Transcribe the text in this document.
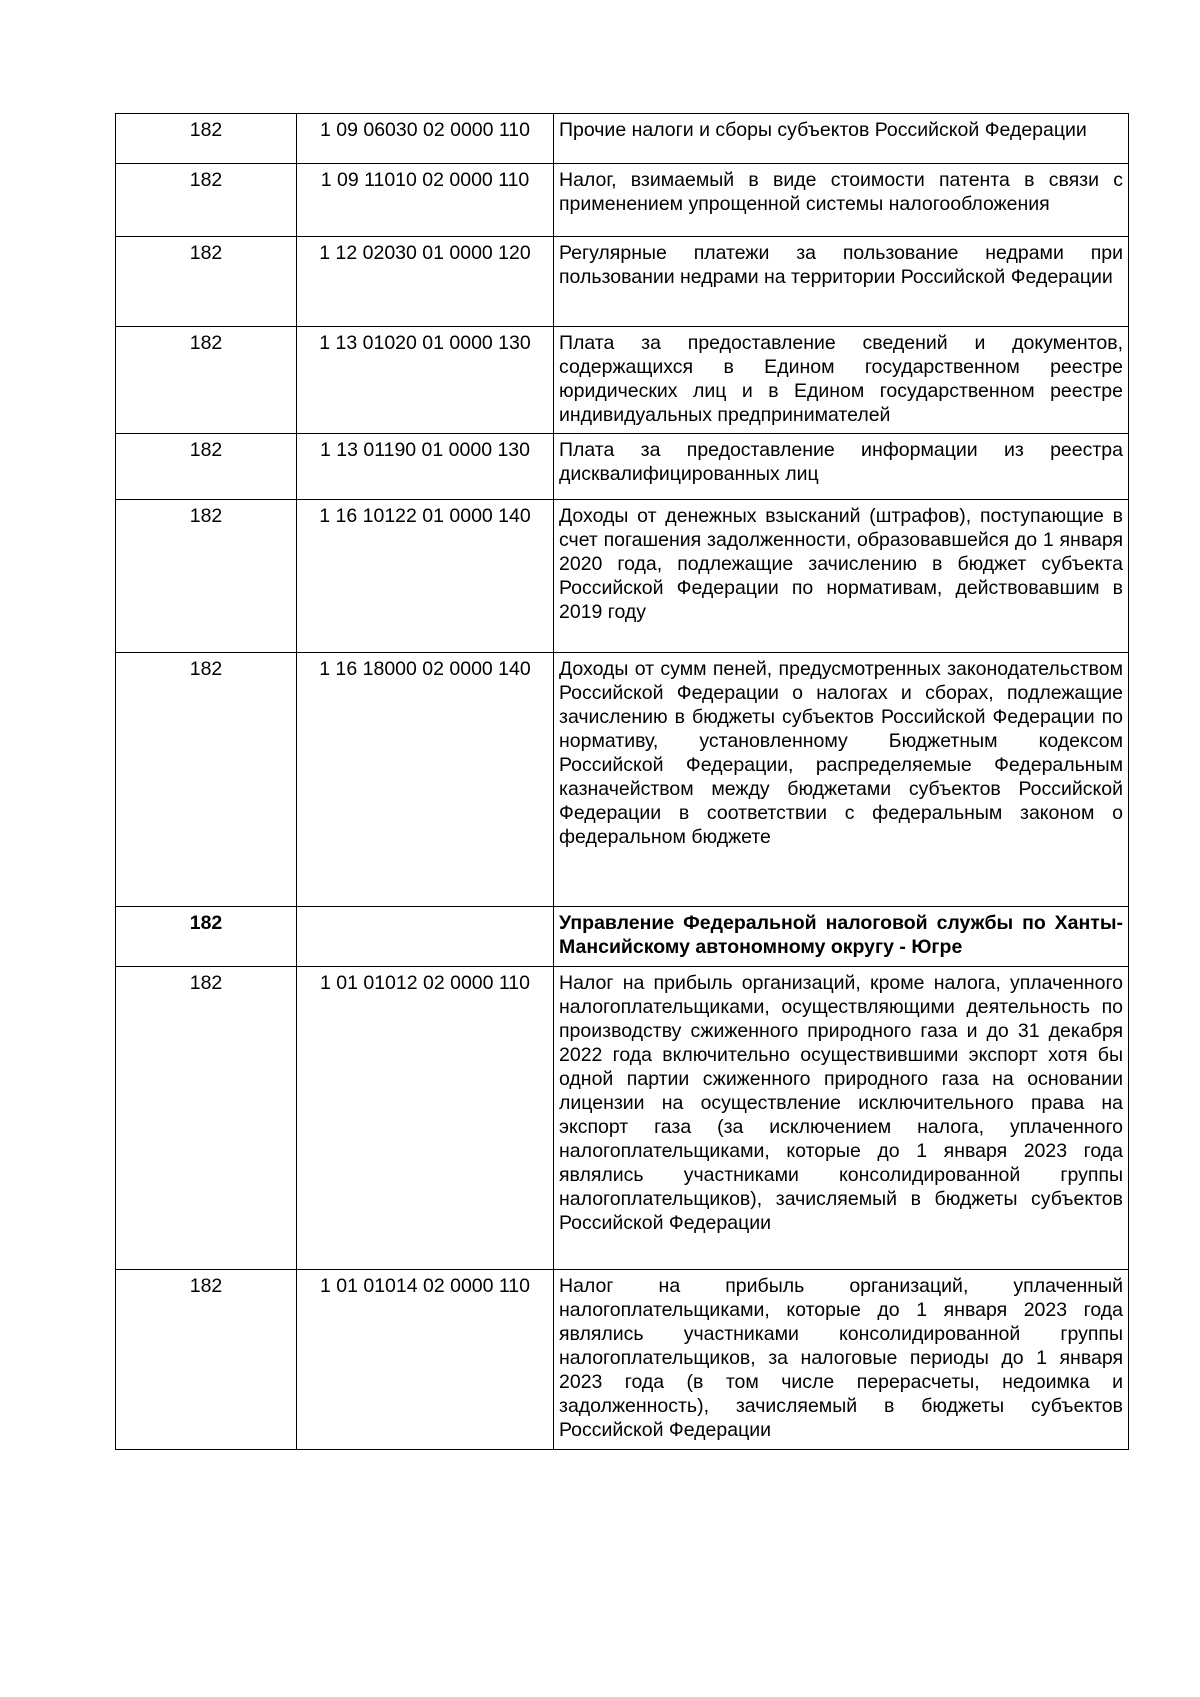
182	1 09 06030 02 0000 110	Прочие налоги и сборы субъектов Российской Федерации
182	1 09 11010 02 0000 110	Налог, взимаемый в виде стоимости патента в связи с применением упрощенной системы налогообложения
182	1 12 02030 01 0000 120	Регулярные платежи за пользование недрами при пользовании недрами на территории Российской Федерации
182	1 13 01020 01 0000 130	Плата за предоставление сведений и документов, содержащихся в Едином государственном реестре юридических лиц и в Едином государственном реестре индивидуальных предпринимателей
182	1 13 01190 01 0000 130	Плата за предоставление информации из реестра дисквалифицированных лиц
182	1 16 10122 01 0000 140	Доходы от денежных взысканий (штрафов), поступающие в счет погашения задолженности, образовавшейся до 1 января 2020 года, подлежащие зачислению в бюджет субъекта Российской Федерации по нормативам, действовавшим в 2019 году
182	1 16 18000 02 0000 140	Доходы от сумм пеней, предусмотренных законодательством Российской Федерации о налогах и сборах, подлежащие зачислению в бюджеты субъектов Российской Федерации по нормативу, установленному Бюджетным кодексом Российской Федерации, распределяемые Федеральным казначейством между бюджетами субъектов Российской Федерации в соответствии с федеральным законом о федеральном бюджете
182		Управление Федеральной налоговой службы по Ханты-Мансийскому автономному округу - Югре
182	1 01 01012 02 0000 110	Налог на прибыль организаций, кроме налога, уплаченного налогоплательщиками, осуществляющими деятельность по производству сжиженного природного газа и до 31 декабря 2022 года включительно осуществившими экспорт хотя бы одной партии сжиженного природного газа на основании лицензии на осуществление исключительного права на экспорт газа (за исключением налога, уплаченного налогоплательщиками, которые до 1 января 2023 года являлись участниками консолидированной группы налогоплательщиков), зачисляемый в бюджеты субъектов Российской Федерации
182	1 01 01014 02 0000 110	Налог на прибыль организаций, уплаченный налогоплательщиками, которые до 1 января 2023 года являлись участниками консолидированной группы налогоплательщиков, за налоговые периоды до 1 января 2023 года (в том числе перерасчеты, недоимка и задолженность), зачисляемый в бюджеты субъектов Российской Федерации
